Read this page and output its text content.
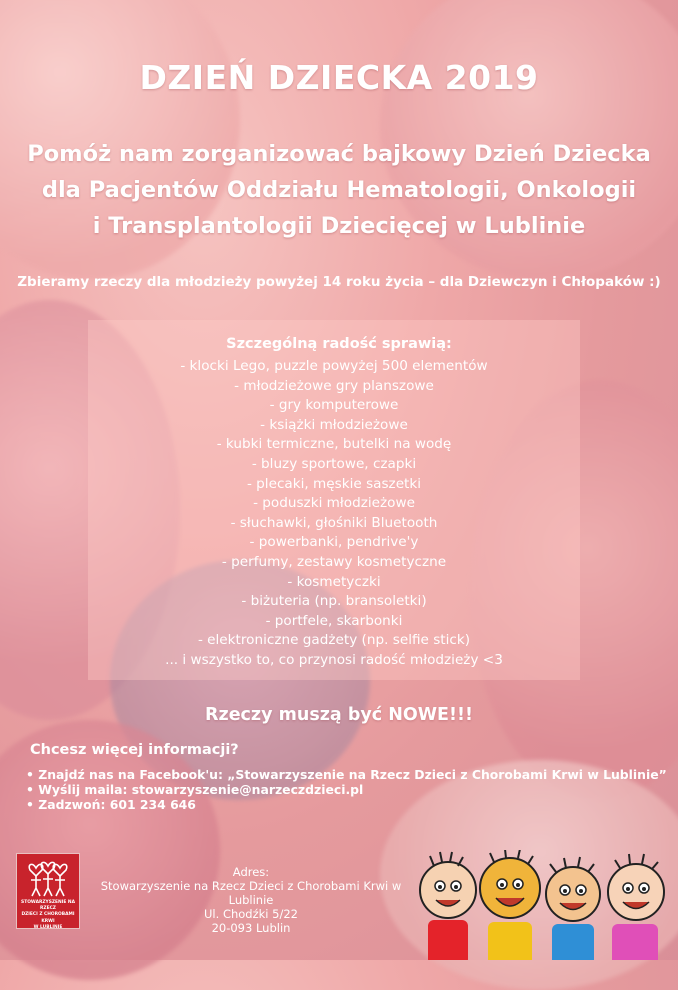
DZIEŃ DZIECKA 2019
Pomóż nam zorganizować bajkowy Dzień Dziecka
dla Pacjentów Oddziału Hematologii, Onkologii
i Transplantologii Dziecięcej w Lublinie
Zbieramy rzeczy dla młodzieży powyżej 14 roku życia – dla Dziewczyn i Chłopaków :)
Szczególną radość sprawią:
- klocki Lego, puzzle powyżej 500 elementów
- młodzieżowe gry planszowe
- gry komputerowe
- książki młodzieżowe
- kubki termiczne, butelki na wodę
- bluzy sportowe, czapki
- plecaki, męskie saszetki
- poduszki młodzieżowe
- słuchawki, głośniki Bluetooth
- powerbanki, pendrive'y
- perfumy, zestawy kosmetyczne
- kosmetyczki
- biżuteria (np. bransoletki)
- portfele, skarbonki
- elektroniczne gadżety (np. selfie stick)
... i wszystko to, co przynosi radość młodzieży <3
Rzeczy muszą być NOWE!!!
Chcesz więcej informacji?
• Znajdź nas na Facebook'u: „Stowarzyszenie na Rzecz Dzieci z Chorobami Krwi w Lublinie”
• Wyślij maila: stowarzyszenie@narzeczdzieci.pl
• Zadzwoń: 601 234 646
STOWARZYSZENIE NA RZECZ
DZIECI Z CHOROBAMI KRWI
W LUBLINIE
Adres:
Stowarzyszenie na Rzecz Dzieci z Chorobami Krwi w Lublinie
Ul. Chodźki 5/22
20-093 Lublin
